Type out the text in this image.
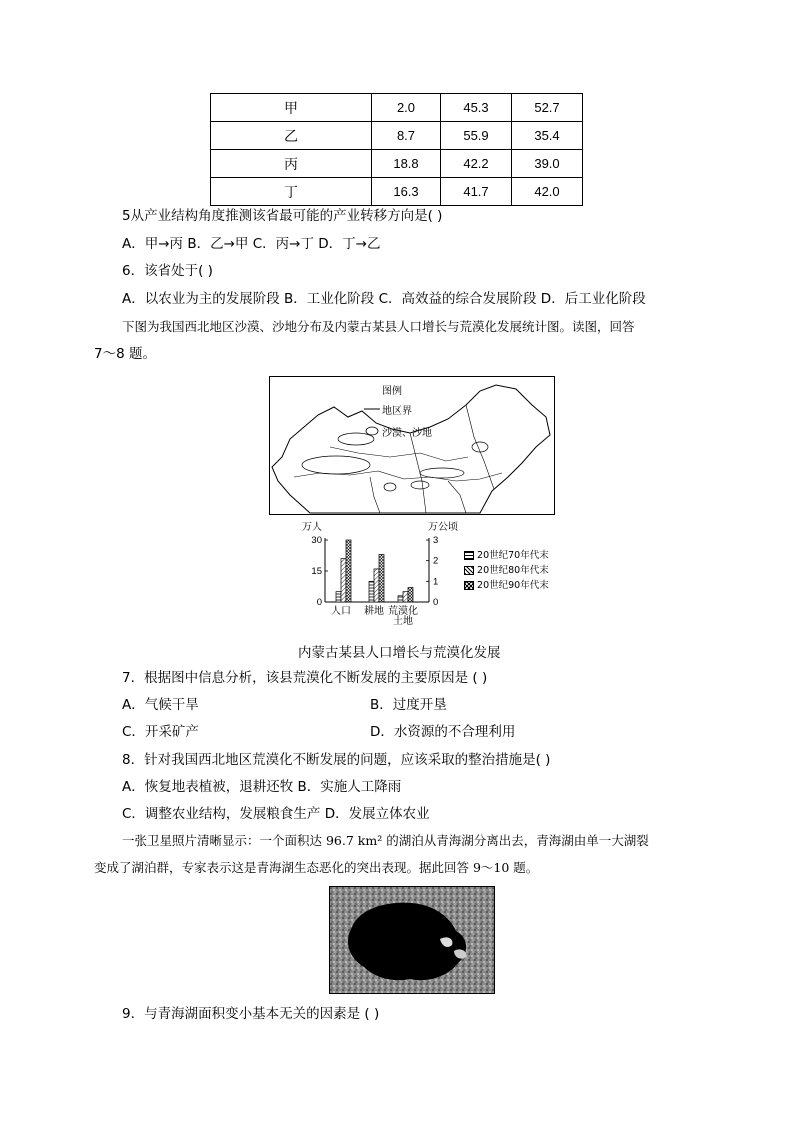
甲	2.0	45.3	52.7
乙	8.7	55.9	35.4
丙	18.8	42.2	39.0
丁	16.3	41.7	42.0
5从产业结构角度推测该省最可能的产业转移方向是( )
A．甲→丙 B．乙→甲 C．丙→丁 D．丁→乙
6．该省处于( )
A．以农业为主的发展阶段 B．工业化阶段 C．高效益的综合发展阶段 D．后工业化阶段
下图为我国西北地区沙漠、沙地分布及内蒙古某县人口增长与荒漠化发展统计图。读图，回答
7～8 题。
图例
地区界
沙漠、沙地
万人	万公顷
30
15
0
3
2
1
0
人口 耕地 荒漠化
土地
20世纪70年代末
20世纪80年代末
20世纪90年代末
内蒙古某县人口增长与荒漠化发展
7．根据图中信息分析，该县荒漠化不断发展的主要原因是 ( )
A．气候干旱	B．过度开垦
C．开采矿产	D．水资源的不合理利用
8．针对我国西北地区荒漠化不断发展的问题，应该采取的整治措施是( )
A．恢复地表植被，退耕还牧 B．实施人工降雨
C．调整农业结构，发展粮食生产 D．发展立体农业
一张卫星照片清晰显示：一个面积达 96.7 km² 的湖泊从青海湖分离出去，青海湖由单一大湖裂
变成了湖泊群，专家表示这是青海湖生态恶化的突出表现。据此回答 9～10 题。
9．与青海湖面积变小基本无关的因素是 ( )
